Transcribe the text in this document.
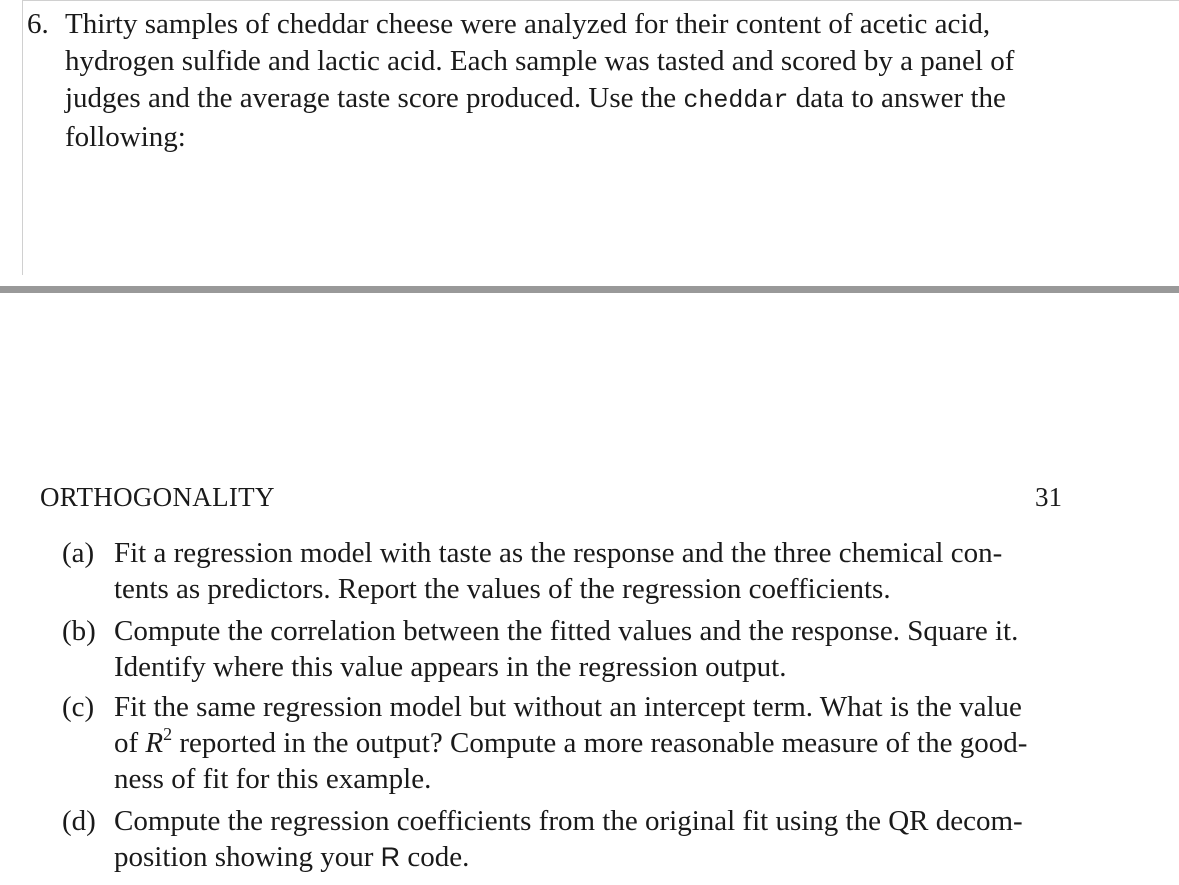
6. Thirty samples of cheddar cheese were analyzed for their content of acetic acid,
hydrogen sulfide and lactic acid. Each sample was tasted and scored by a panel of
judges and the average taste score produced. Use the cheddar data to answer the
following:
ORTHOGONALITY	31
(a) Fit a regression model with taste as the response and the three chemical con-
tents as predictors. Report the values of the regression coefficients.
(b) Compute the correlation between the fitted values and the response. Square it.
Identify where this value appears in the regression output.
(c) Fit the same regression model but without an intercept term. What is the value
of $R^2$ reported in the output? Compute a more reasonable measure of the good-
ness of fit for this example.
(d) Compute the regression coefficients from the original fit using the QR decom-
position showing your R code.
